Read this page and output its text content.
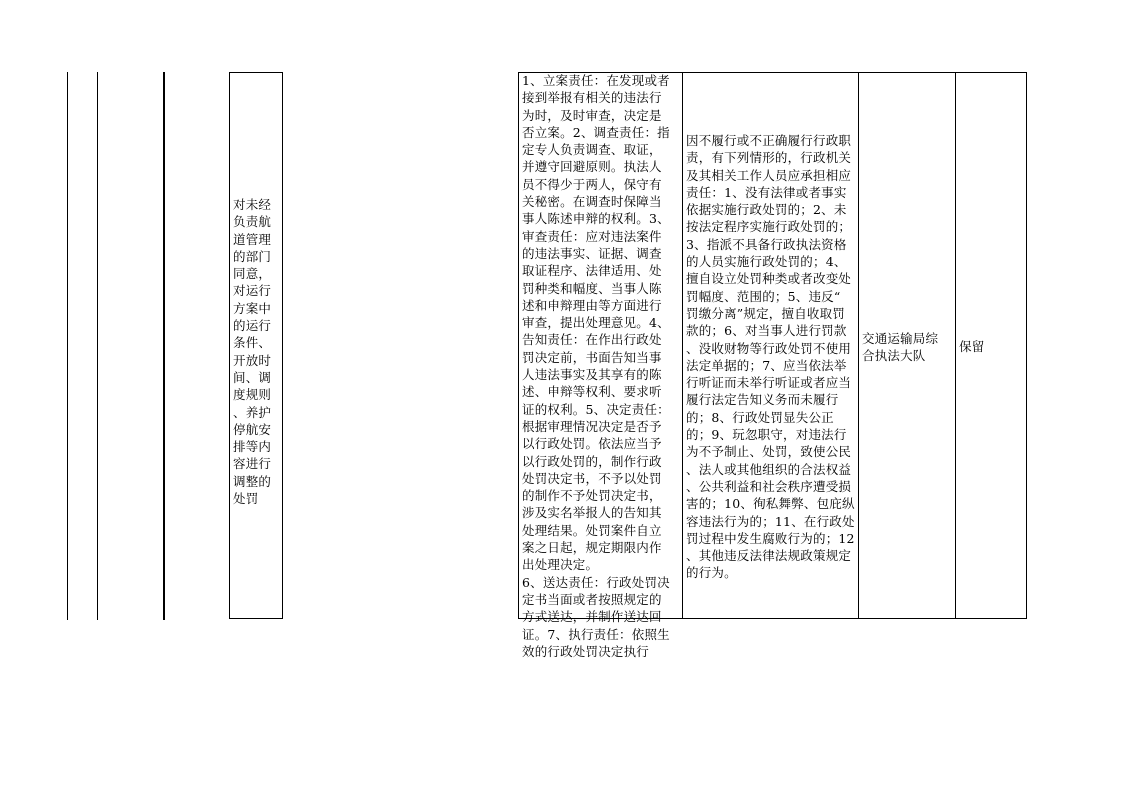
对未经
负责航
道管理
的部门
同意，
对运行
方案中
的运行
条件、
开放时
间、调
度规则
、养护
停航安
排等内
容进行
调整的
处罚
1、立案责任：在发现或者
接到举报有相关的违法行
为时，及时审查，决定是
否立案。2、调查责任：指
定专人负责调查、取证，
并遵守回避原则。执法人
员不得少于两人，保守有
关秘密。在调查时保障当
事人陈述申辩的权利。3、
审查责任：应对违法案件
的违法事实、证据、调查
取证程序、法律适用、处
罚种类和幅度、当事人陈
述和申辩理由等方面进行
审查，提出处理意见。4、
告知责任：在作出行政处
罚决定前，书面告知当事
人违法事实及其享有的陈
述、申辩等权利、要求听
证的权利。5、决定责任：
根据审理情况决定是否予
以行政处罚。依法应当予
以行政处罚的，制作行政
处罚决定书，不予以处罚
的制作不予处罚决定书，
涉及实名举报人的告知其
处理结果。处罚案件自立
案之日起，规定期限内作
出处理决定。
6、送达责任：行政处罚决
定书当面或者按照规定的
方式送达，并制作送达回
证。7、执行责任：依照生
效的行政处罚决定执行
因不履行或不正确履行行政职
责，有下列情形的，行政机关
及其相关工作人员应承担相应
责任：1、没有法律或者事实
依据实施行政处罚的；2、未
按法定程序实施行政处罚的；
3、指派不具备行政执法资格
的人员实施行政处罚的；4、
擅自设立处罚种类或者改变处
罚幅度、范围的；5、违反“
罚缴分离”规定，擅自收取罚
款的；6、对当事人进行罚款
、没收财物等行政处罚不使用
法定单据的；7、应当依法举
行听证而未举行听证或者应当
履行法定告知义务而未履行
的；8、行政处罚显失公正
的；9、玩忽职守，对违法行
为不予制止、处罚，致使公民
、法人或其他组织的合法权益
、公共利益和社会秩序遭受损
害的；10、徇私舞弊、包庇纵
容违法行为的；11、在行政处
罚过程中发生腐败行为的；12
、其他违反法律法规政策规定
的行为。
交通运输局综
合执法大队
保留
